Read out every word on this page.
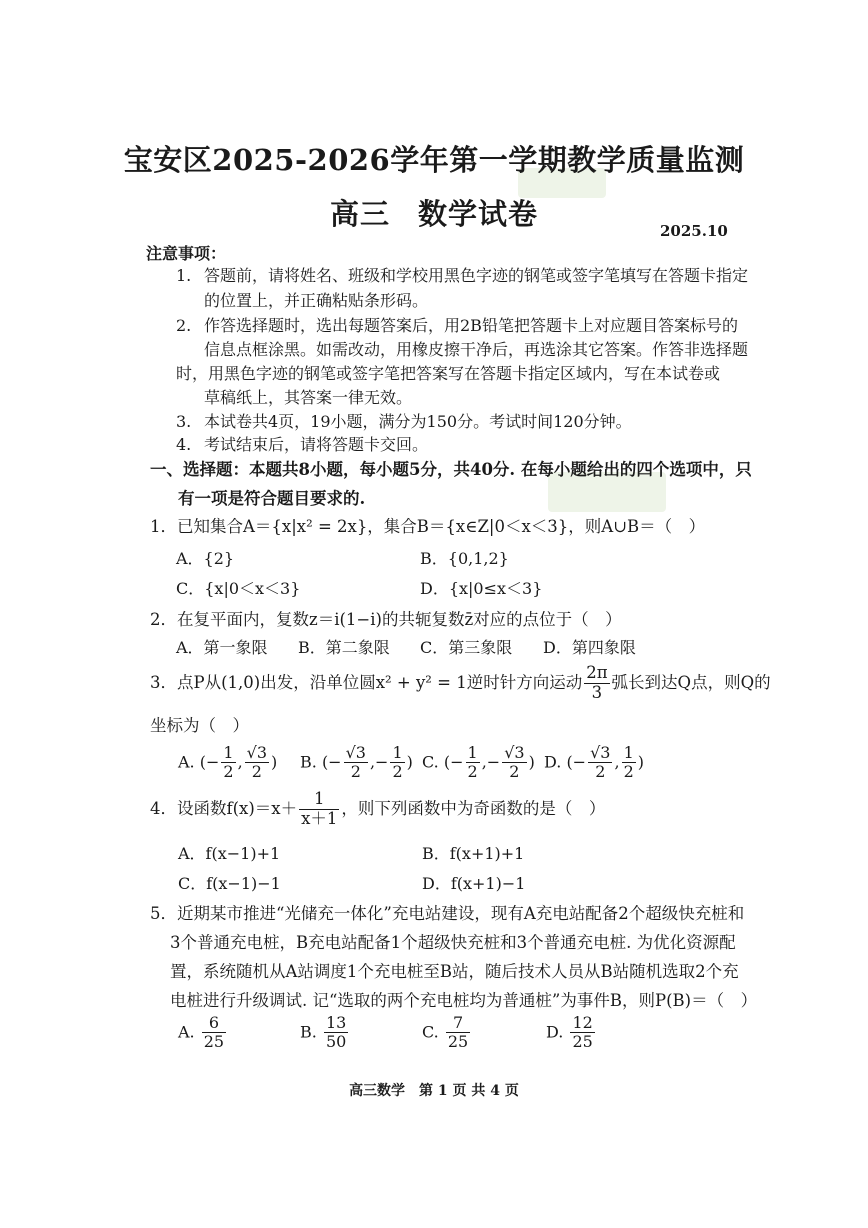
宝安区2025-2026学年第一学期教学质量监测
高三 数学试卷	2025.10
注意事项：
1. 答题前，请将姓名、班级和学校用黑色字迹的钢笔或签字笔填写在答题卡指定
的位置上，并正确粘贴条形码。
2. 作答选择题时，选出每题答案后，用2B铅笔把答题卡上对应题目答案标号的
信息点框涂黑。如需改动，用橡皮擦干净后，再选涂其它答案。作答非选择题
时，用黑色字迹的钢笔或签字笔把答案写在答题卡指定区域内，写在本试卷或
草稿纸上，其答案一律无效。
3. 本试卷共4页，19小题，满分为150分。考试时间120分钟。
4. 考试结束后，请将答题卡交回。
一、选择题：本题共8小题，每小题5分，共40分. 在每小题给出的四个选项中，只
有一项是符合题目要求的.
1．已知集合A＝{x|x² = 2x}，集合B＝{x∈Z|0＜x＜3}，则A∪B＝（　）
A．{2}	B．{0,1,2}
C．{x|0＜x＜3}	D．{x|0≤x＜3}
2．在复平面内，复数z＝i(1−i)的共轭复数z̄对应的点位于（　）
A．第一象限 B．第二象限 C．第三象限 D．第四象限
3．点P从(1,0)出发，沿单位圆x² + y² = 1逆时针方向运动 $\frac{2\pi}{3}$ 弧长到达Q点，则Q的
坐标为（　）
A. (− $\frac{1}{2}$ , $\frac{√3}{2}$ ) B. (− $\frac{√3}{2}$ ,− $\frac{1}{2}$ ) C. (− $\frac{1}{2}$ ,− $\frac{√3}{2}$ ) D. (− $\frac{√3}{2}$ , $\frac{1}{2}$ )
4．设函数$f(x)=x+ \frac{1}{x+1}$ ，则下列函数中为奇函数的是（　）
A．f(x−1)+1	B．f(x+1)+1
C．f(x−1)−1	D．f(x+1)−1
5．近期某市推进“光储充一体化”充电站建设，现有A充电站配备2个超级快充桩和
3个普通充电桩，B充电站配备1个超级快充桩和3个普通充电桩. 为优化资源配
置，系统随机从A站调度1个充电桩至B站，随后技术人员从B站随机选取2个充
电桩进行升级调试. 记“选取的两个充电桩均为普通桩”为事件B，则P(B)＝（　）
A. $\frac{6}{25}$	B. $\frac{13}{50}$	C. $\frac{7}{25}$	D. $\frac{12}{25}$
高三数学　第 1 页 共 4 页
